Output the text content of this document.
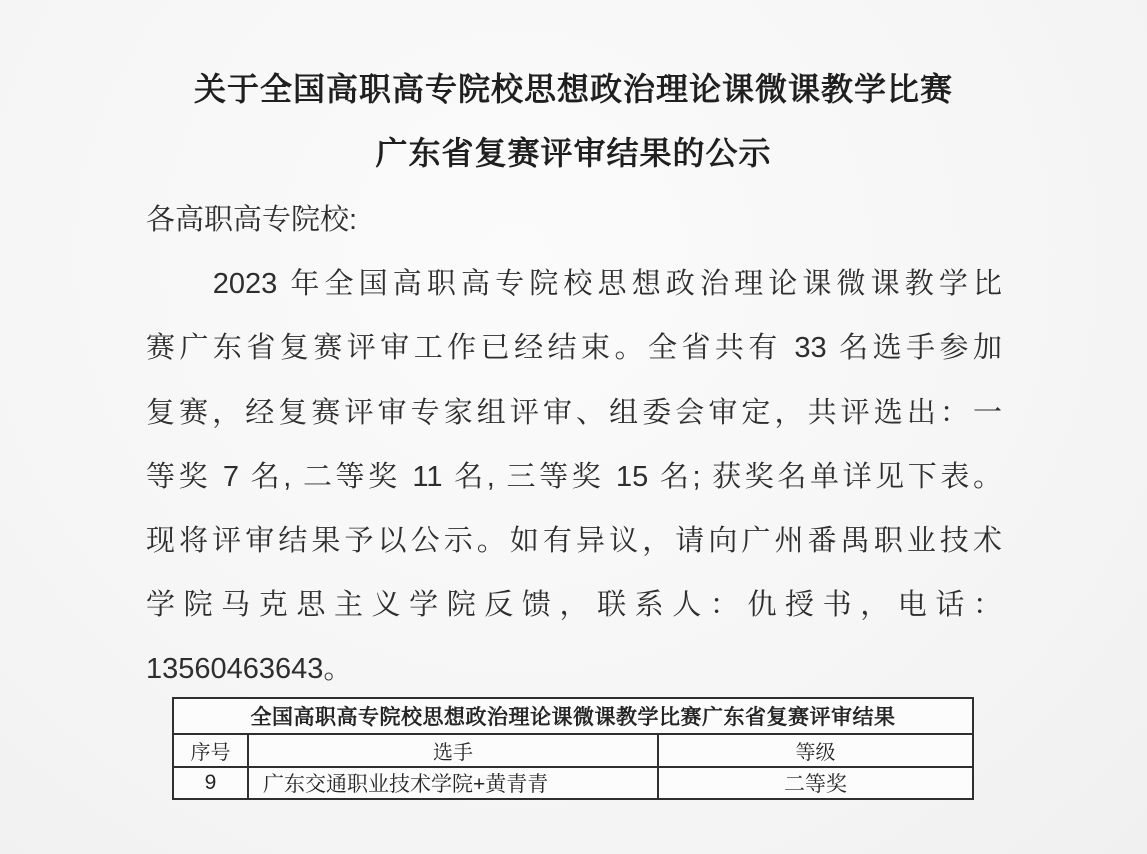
关于全国高职高专院校思想政治理论课微课教学比赛
广东省复赛评审结果的公示
各高职高专院校:
2023 年全国高职高专院校思想政治理论课微课教学比
赛广东省复赛评审工作已经结束。全省共有 33 名选手参加
复赛，经复赛评审专家组评审、组委会审定，共评选出：一
等奖 7 名, 二等奖 11 名, 三等奖 15 名; 获奖名单详见下表。
现将评审结果予以公示。如有异议，请向广州番禺职业技术
学院马克思主义学院反馈，联系人：仇授书，电话：
13560463643。
全国高职高专院校思想政治理论课微课教学比赛广东省复赛评审结果		
序号	选手	等级
9	广东交通职业技术学院+黄青青	二等奖
